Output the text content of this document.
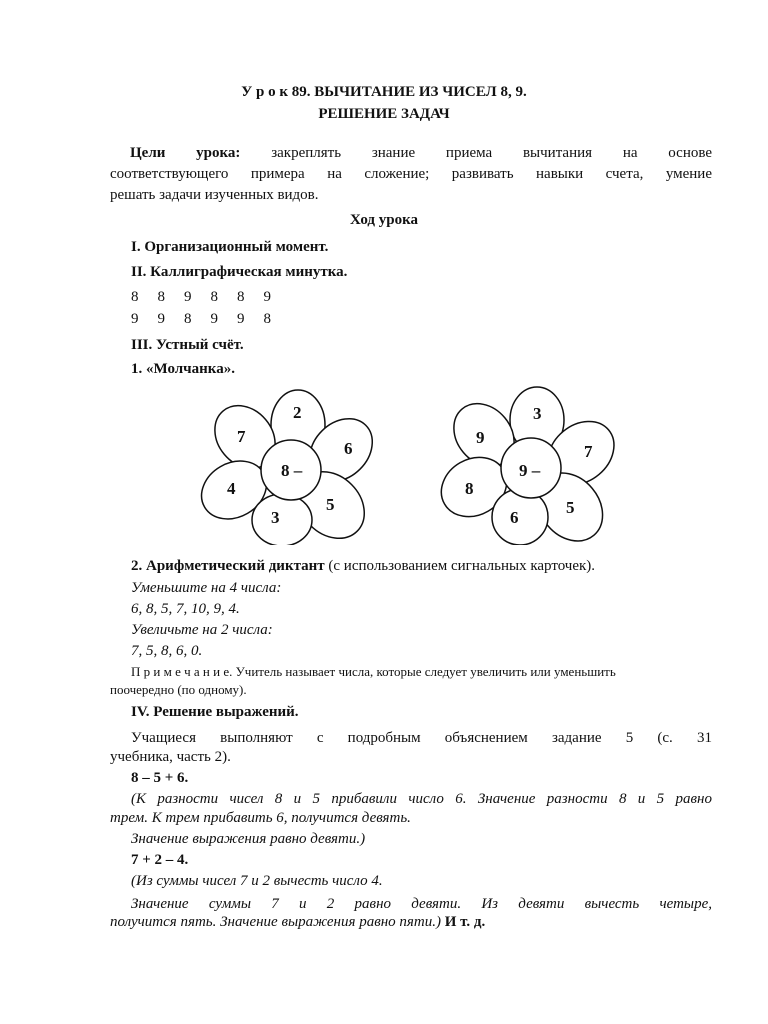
У р о к 89. ВЫЧИТАНИЕ ИЗ ЧИСЕЛ 8, 9.
РЕШЕНИЕ ЗАДАЧ
Цели урока: закреплять знание приема вычитания на основе
соответствующего примера на сложение; развивать навыки счета, умение
решать задачи изученных видов.
Ход урока
I. Организационный момент.
II. Каллиграфическая минутка.
8 8 9 8 8 9
9 9 8 9 9 8
III. Устный счёт.
1. «Молчанка».
2
6
5
3
4
7
8 –
3
7
5
6
8
9
9 –
2. Арифметический диктант (с использованием сигнальных карточек).
Уменьшите на 4 числа:
6, 8, 5, 7, 10, 9, 4.
Увеличьте на 2 числа:
7, 5, 8, 6, 0.
П р и м е ч а н и е. Учитель называет числа, которые следует увеличить или уменьшить
поочередно (по одному).
IV. Решение выражений.
Учащиеся выполняют с подробным объяснением задание 5 (с. 31
учебника, часть 2).
8 – 5 + 6.
(К разности чисел 8 и 5 прибавили число 6. Значение разности 8 и 5 равно
трем. К трем прибавить 6, получится девять.
Значение выражения равно девяти.)
7 + 2 – 4.
(Из суммы чисел 7 и 2 вычесть число 4.
Значение суммы 7 и 2 равно девяти. Из девяти вычесть четыре,
получится пять. Значение выражения равно пяти.) И т. д.
